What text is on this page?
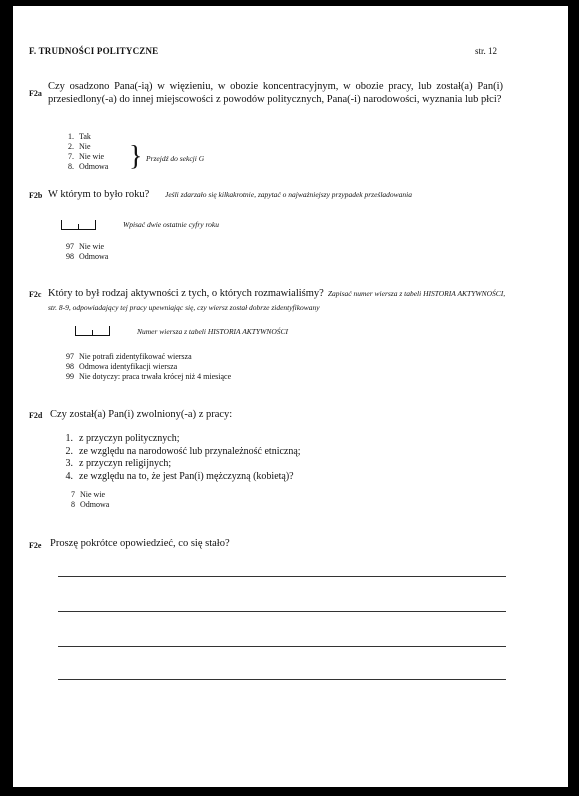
F. TRUDNOŚCI POLITYCZNE	str. 12
F2a
Czy osadzono Pana(-ią) w więzieniu, w obozie koncentracyjnym, w obozie pracy, lub został(a) Pan(i) przesiedlony(-a) do innej miejscowości z powodów politycznych, Pana(-i) narodowości, wyznania lub płci?
1. Tak
2. Nie
7. Nie wie
8. Odmowa } Przejdź do sekcji G
F2b W którym to było roku? Jeśli zdarzało się kilkakrotnie, zapytać o najważniejszy przypadek prześladowania
Wpisać dwie ostatnie cyfry roku
97 Nie wie
98 Odmowa
F2c Który to był rodzaj aktywności z tych, o których rozmawialiśmy? Zapisać numer wiersza z tabeli HISTORIA AKTYWNOŚCI, str. 8-9, odpowiadający tej pracy upewniając się, czy wiersz został dobrze zidentyfikowany
Numer wiersza z tabeli HISTORIA AKTYWNOŚCI
97 Nie potrafi zidentyfikować wiersza
98 Odmowa identyfikacji wiersza
99 Nie dotyczy: praca trwała krócej niż 4 miesiące
F2d Czy został(a) Pan(i) zwolniony(-a) z pracy:
1. z przyczyn politycznych;
2. ze względu na narodowość lub przynależność etniczną;
3. z przyczyn religijnych;
4. ze względu na to, że jest Pan(i) mężczyzną (kobietą)?
7 Nie wie
8 Odmowa
F2e Proszę pokrótce opowiedzieć, co się stało?
